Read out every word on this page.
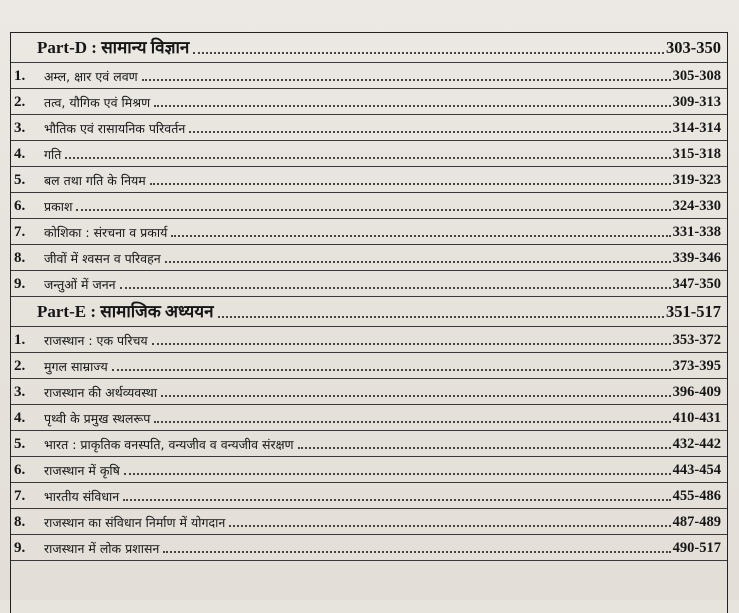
Part-D : सामान्य विज्ञान	303-350
1.	अम्ल, क्षार एवं लवण	305-308
2.	तत्व, यौगिक एवं मिश्रण	309-313
3.	भौतिक एवं रासायनिक परिवर्तन	314-314
4.	गति	315-318
5.	बल तथा गति के नियम	319-323
6.	प्रकाश	324-330
7.	कोशिका : संरचना व प्रकार्य	331-338
8.	जीवों में श्वसन व परिवहन	339-346
9.	जन्तुओं में जनन	347-350
Part-E : सामाजिक अध्ययन	351-517
1.	राजस्थान : एक परिचय	353-372
2.	मुगल साम्राज्य	373-395
3.	राजस्थान की अर्थव्यवस्था	396-409
4.	पृथ्वी के प्रमुख स्थलरूप	410-431
5.	भारत : प्राकृतिक वनस्पति, वन्यजीव व वन्यजीव संरक्षण	432-442
6.	राजस्थान में कृषि	443-454
7.	भारतीय संविधान	455-486
8.	राजस्थान का संविधान निर्माण में योगदान	487-489
9.	राजस्थान में लोक प्रशासन	490-517
